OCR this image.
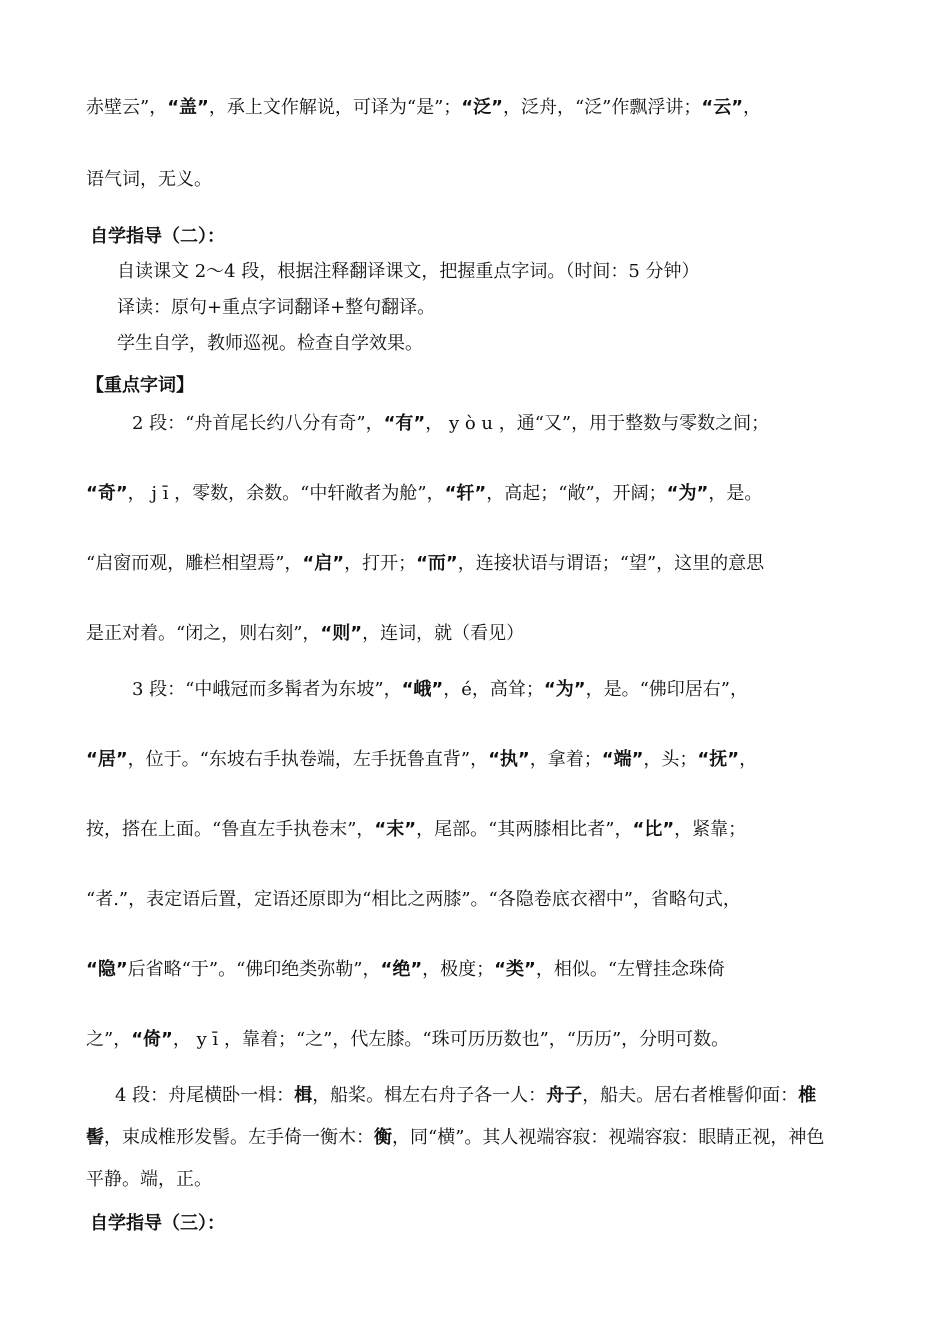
赤壁云”，“盖”，承上文作解说，可译为“是”；“泛”，泛舟，“泛”作飘浮讲；“云”，

语气词，无义。

自学指导（二）：

自读课文 2～4 段，根据注释翻译课文，把握重点字词。（时间：5 分钟）

译读：原句+重点字词翻译+整句翻译。

学生自学，教师巡视。检查自学效果。

【重点字词】

2 段：“舟首尾长约八分有奇”，“有”， y ò u ，通“又”，用于整数与零数之间；

“奇”， j ī ，零数，余数。“中轩敞者为舱”，“轩”，高起；“敞”，开阔；“为”，是。

“启窗而观，雕栏相望焉”，“启”，打开；“而”，连接状语与谓语；“望”，这里的意思

是正对着。“闭之，则右刻”，“则”，连词，就（看见）

3 段：“中峨冠而多髯者为东坡”，“峨”，é，高耸；“为”，是。“佛印居右”，

“居”，位于。“东坡右手执卷端，左手抚鲁直背”，“执”，拿着；“端”，头；“抚”，

按，搭在上面。“鲁直左手执卷末”，“末”，尾部。“其两膝相比者”，“比”，紧靠；

“者.”，表定语后置，定语还原即为“相比之两膝”。“各隐卷底衣褶中”，省略句式，

“隐”后省略“于”。“佛印绝类弥勒”，“绝”，极度；“类”，相似。“左臂挂念珠倚

之”，“倚”， y ī ，靠着；“之”，代左膝。“珠可历历数也”，“历历”，分明可数。

4 段：舟尾横卧一楫：楫，船桨。楫左右舟子各一人：舟子，船夫。居右者椎髻仰面：椎

髻，束成椎形发髻。左手倚一衡木：衡，同“横”。其人视端容寂：视端容寂：眼睛正视，神色

平静。端，正。

自学指导（三）：
